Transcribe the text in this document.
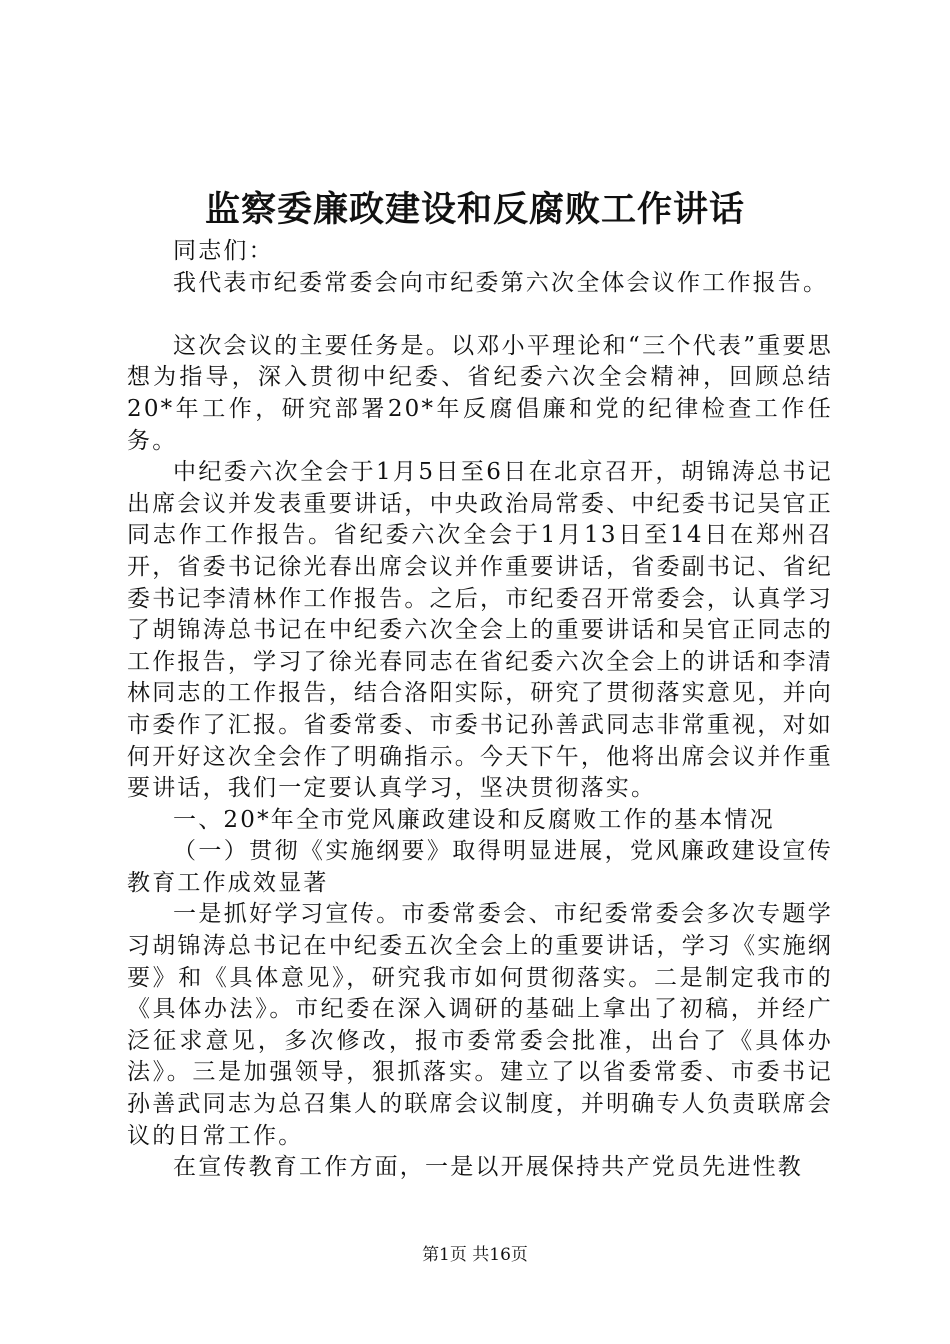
监察委廉政建设和反腐败工作讲话

同志们：

我代表市纪委常委会向市纪委第六次全体会议作工作报告。

这次会议的主要任务是。以邓小平理论和“三个代表”重要思想为指导，深入贯彻中纪委、省纪委六次全会精神，回顾总结20*年工作，研究部署20*年反腐倡廉和党的纪律检查工作任务。

中纪委六次全会于1月5日至6日在北京召开，胡锦涛总书记出席会议并发表重要讲话，中央政治局常委、中纪委书记吴官正同志作工作报告。省纪委六次全会于1月13日至14日在郑州召开，省委书记徐光春出席会议并作重要讲话，省委副书记、省纪委书记李清林作工作报告。之后，市纪委召开常委会，认真学习了胡锦涛总书记在中纪委六次全会上的重要讲话和吴官正同志的工作报告，学习了徐光春同志在省纪委六次全会上的讲话和李清林同志的工作报告，结合洛阳实际，研究了贯彻落实意见，并向市委作了汇报。省委常委、市委书记孙善武同志非常重视，对如何开好这次全会作了明确指示。今天下午，他将出席会议并作重要讲话，我们一定要认真学习，坚决贯彻落实。

一、20*年全市党风廉政建设和反腐败工作的基本情况

（一）贯彻《实施纲要》取得明显进展，党风廉政建设宣传教育工作成效显著

一是抓好学习宣传。市委常委会、市纪委常委会多次专题学习胡锦涛总书记在中纪委五次全会上的重要讲话，学习《实施纲要》和《具体意见》，研究我市如何贯彻落实。二是制定我市的《具体办法》。市纪委在深入调研的基础上拿出了初稿，并经广泛征求意见，多次修改，报市委常委会批准，出台了《具体办法》。三是加强领导，狠抓落实。建立了以省委常委、市委书记孙善武同志为总召集人的联席会议制度，并明确专人负责联席会议的日常工作。

在宣传教育工作方面，一是以开展保持共产党员先进性教

第1页 共16页
